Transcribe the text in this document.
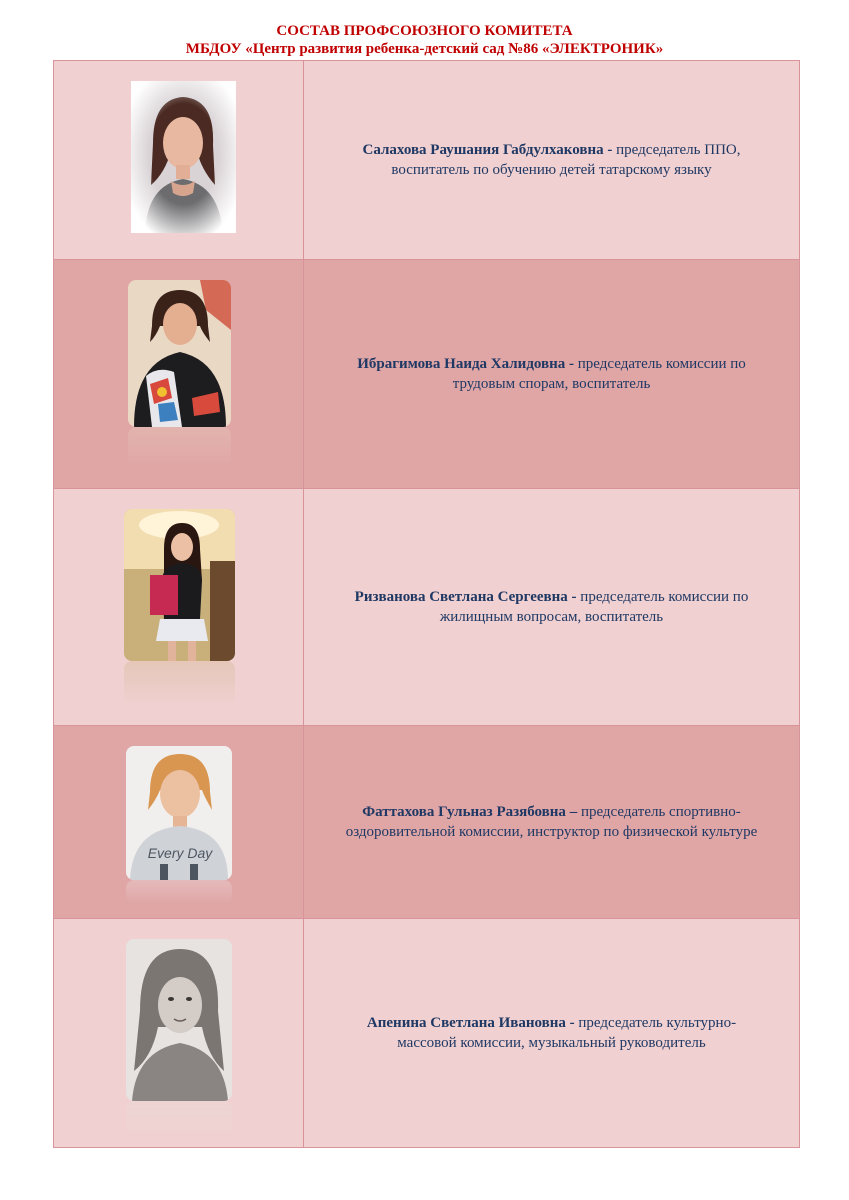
СОСТАВ ПРОФСОЮЗНОГО КОМИТЕТА
МБДОУ «Центр развития ребенка-детский сад №86 «ЭЛЕКТРОНИК»

Салахова Раушания Габдулхаковна - председатель ППО,
воспитатель по обучению детей татарскому языку

Ибрагимова Наида Халидовна - председатель комиссии по
трудовым спорам, воспитатель

Ризванова Светлана Сергеевна - председатель комиссии по
жилищным вопросам, воспитатель

Every Day	Фаттахова Гульназ Разябовна – председатель спортивно-
оздоровительной комиссии, инструктор по физической культуре

Апенина Светлана Ивановна - председатель культурно-
массовой комиссии, музыкальный руководитель
